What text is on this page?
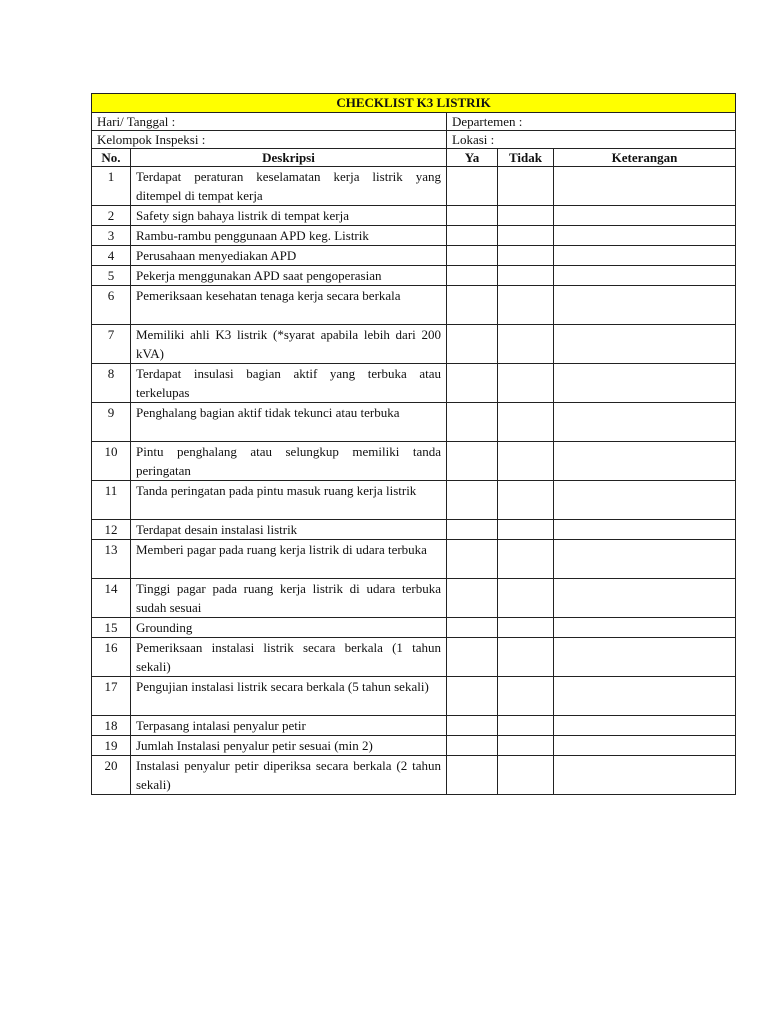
CHECKLIST K3 LISTRIK				
Hari/ Tanggal :		Departemen :		
Kelompok Inspeksi :		Lokasi :		
No.	Deskripsi	Ya	Tidak	Keterangan
1	Terdapat peraturan keselamatan kerja listrik yang ditempel di tempat kerja			
2	Safety sign bahaya listrik di tempat kerja			
3	Rambu-rambu penggunaan APD keg. Listrik			
4	Perusahaan menyediakan APD			
5	Pekerja menggunakan APD saat pengoperasian			
6	Pemeriksaan kesehatan tenaga kerja secara berkala			
7	Memiliki ahli K3 listrik (*syarat apabila lebih dari 200 kVA)			
8	Terdapat insulasi bagian aktif yang terbuka atau terkelupas			
9	Penghalang bagian aktif tidak tekunci atau terbuka			
10	Pintu penghalang atau selungkup memiliki tanda peringatan			
11	Tanda peringatan pada pintu masuk ruang kerja listrik			
12	Terdapat desain instalasi listrik			
13	Memberi pagar pada ruang kerja listrik di udara terbuka			
14	Tinggi pagar pada ruang kerja listrik di udara terbuka sudah sesuai			
15	Grounding			
16	Pemeriksaan instalasi listrik secara berkala (1 tahun sekali)			
17	Pengujian instalasi listrik secara berkala (5 tahun sekali)			
18	Terpasang intalasi penyalur petir			
19	Jumlah Instalasi penyalur petir sesuai (min 2)			
20	Instalasi penyalur petir diperiksa secara berkala (2 tahun sekali)			
